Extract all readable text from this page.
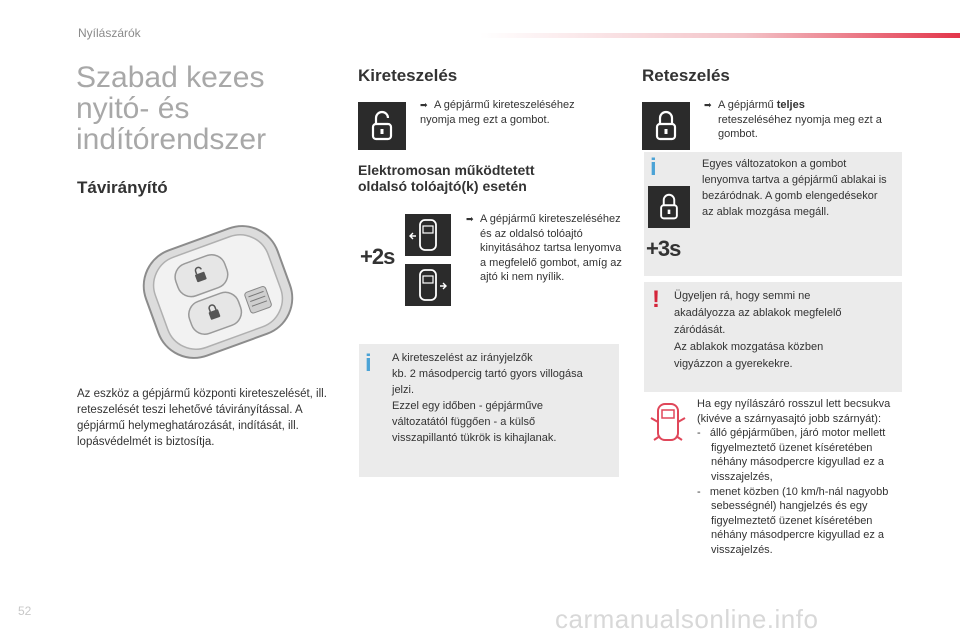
Nyílászárók
Szabad kezes
nyitó- és
indítórendszer
Távirányító
Az eszköz a gépjármű központi kireteszelését, ill. reteszelését teszi lehetővé távirányítással. A gépjármű helymeghatározását, indítását, ill. lopásvédelmét is biztosítja.
Kireteszelés
➡ A gépjármű kireteszeléséhez nyomja meg ezt a gombot.
Elektromosan működtetett
oldalsó tolóajtó(k) esetén
+2s
➡ A gépjármű kireteszeléséhez és az oldalsó tolóajtó kinyitásához tartsa lenyomva a megfelelő gombot, amíg az ajtó ki nem nyílik.
i A kireteszelést az irányjelzők
kb. 2 másodpercig tartó gyors villogása
jelzi.
Ezzel egy időben - gépjárműve
változatától függően - a külső
visszapillantó tükrök is kihajlanak.
Reteszelés
➡ A gépjármű teljes

reteszeléséhez nyomja meg ezt a gombot.
i
+3s
Egyes változatokon a gombot lenyomva tartva a gépjármű ablakai is bezáródnak. A gomb elengedésekor az ablak mozgása megáll.
! Ügyeljen rá, hogy semmi ne
akadályozza az ablakok megfelelő
záródását.
Az ablakok mozgatása közben
vigyázzon a gyerekekre.
Ha egy nyílászáró rosszul lett becsukva (kivéve a szárnyasajtó jobb szárnyát):
-   álló gépjárműben, járó motor mellett figyelmeztető üzenet kíséretében néhány másodpercre kigyullad ez a visszajelzés,
-   menet közben (10 km/h-nál nagyobb sebességnél) hangjelzés és egy figyelmeztető üzenet kíséretében néhány másodpercre kigyullad ez a visszajelzés.
52	carmanualsonline.info
